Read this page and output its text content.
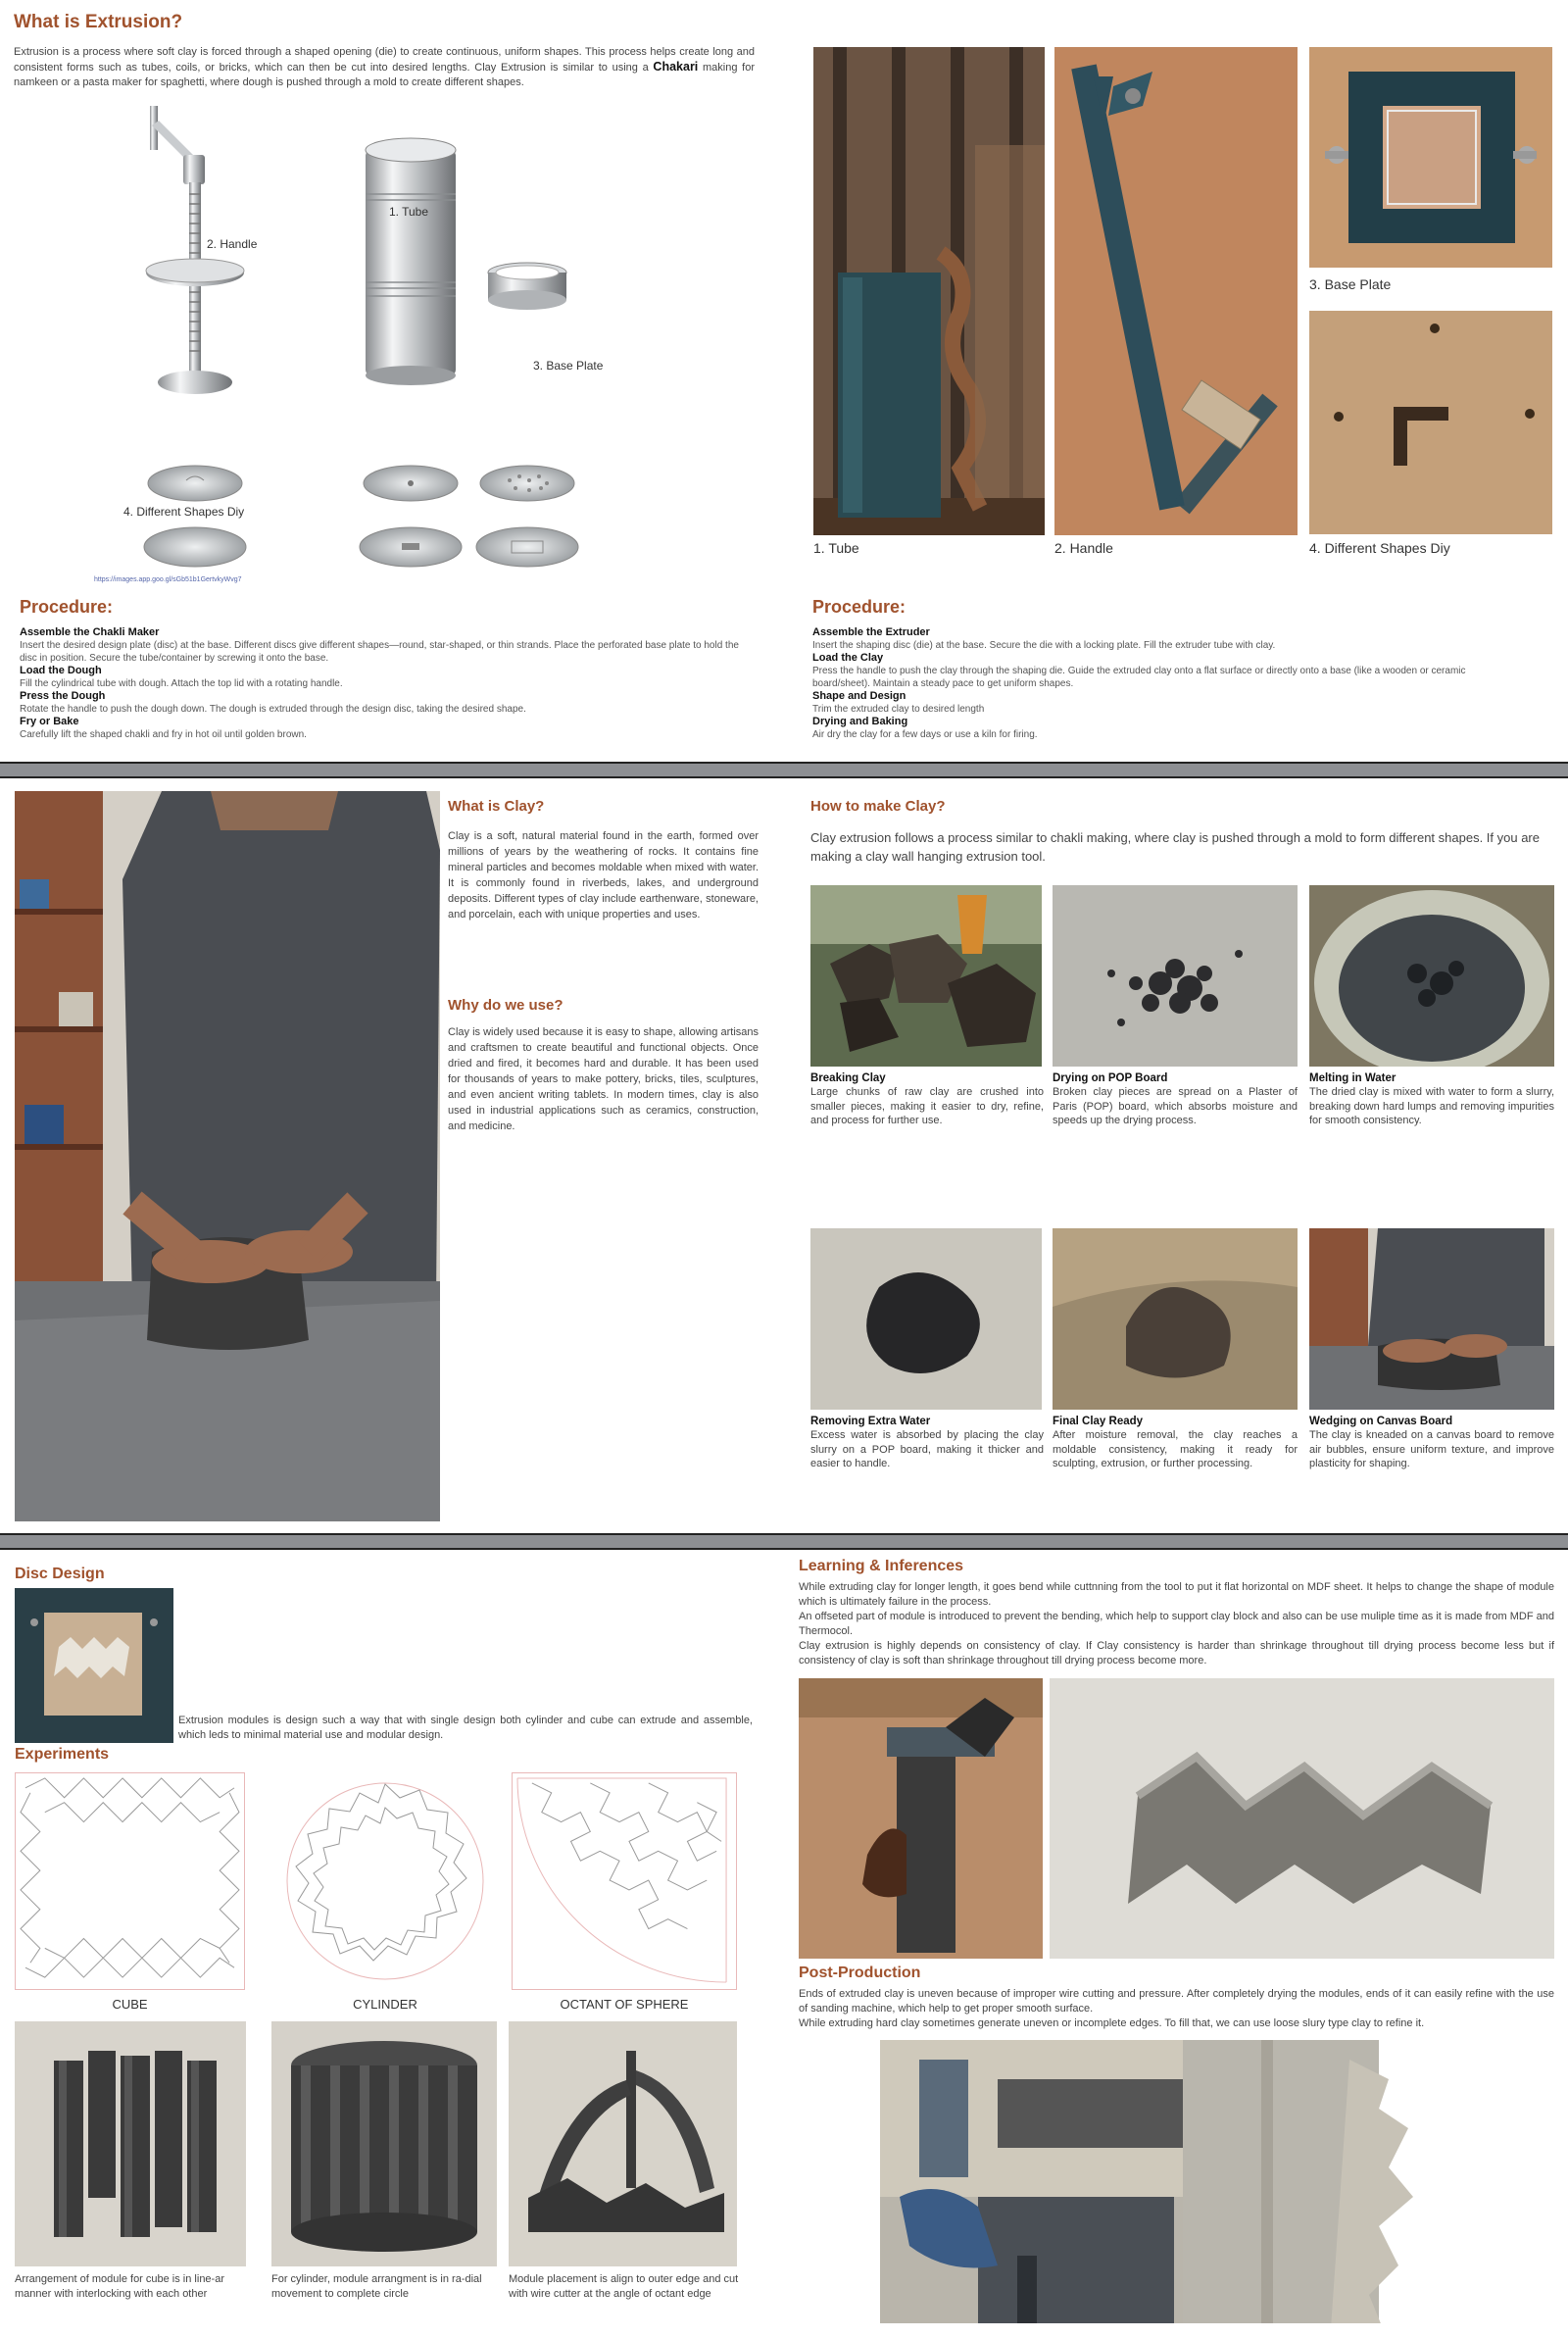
What is Extrusion?
Extrusion is a process where soft clay is forced through a shaped opening (die) to create continuous, uniform shapes. This process helps create long and consistent forms such as tubes, coils, or bricks, which can then be cut into desired lengths. Clay Extrusion is similar to using a Chakari making for namkeen or a pasta maker for spaghetti, where dough is pushed through a mold to create different shapes.
2. Handle
1. Tube
3. Base Plate
4. Different Shapes Diy
https://images.app.goo.gl/sGb51b1GertvkyWvg7
3. Base Plate
1. Tube	2. Handle	4. Different Shapes Diy
Procedure:
Assemble the Chakli Maker
Insert the desired design plate (disc) at the base. Different discs give different shapes—round, star-shaped, or thin strands. Place the perforated base plate to hold the disc in position. Secure the tube/container by screwing it onto the base.
Load the Dough
Fill the cylindrical tube with dough. Attach the top lid with a rotating handle.
Press the Dough
Rotate the handle to push the dough down. The dough is extruded through the design disc, taking the desired shape.
Fry or Bake
Carefully lift the shaped chakli and fry in hot oil until golden brown.
Procedure:
Assemble the Extruder
Insert the shaping disc (die) at the base. Secure the die with a locking plate. Fill the extruder tube with clay.
Load the Clay
Press the handle to push the clay through the shaping die. Guide the extruded clay onto a flat surface or directly onto a base (like a wooden or ceramic board/sheet). Maintain a steady pace to get uniform shapes.
Shape and Design
Trim the extruded clay to desired length
Drying and Baking
Air dry the clay for a few days or use a kiln for firing.
What is Clay?
Clay is a soft, natural material found in the earth, formed over millions of years by the weathering of rocks. It contains fine mineral particles and becomes moldable when mixed with water. It is commonly found in riverbeds, lakes, and underground deposits. Different types of clay include earthenware, stoneware, and porcelain, each with unique properties and uses.
Why do we use?
Clay is widely used because it is easy to shape, allowing artisans and craftsmen to create beautiful and functional objects. Once dried and fired, it becomes hard and durable. It has been used for thousands of years to make pottery, bricks, tiles, sculptures, and even ancient writing tablets. In modern times, clay is also used in industrial applications such as ceramics, construction, and medicine.
How to make Clay?
Clay extrusion follows a process similar to chakli making, where clay is pushed through a mold to form different shapes. If you are making a clay wall hanging extrusion tool.
Breaking Clay
Large chunks of raw clay are crushed into smaller pieces, making it easier to dry, refine, and process for further use.
Drying on POP Board
Broken clay pieces are spread on a Plaster of Paris (POP) board, which absorbs moisture and speeds up the drying process.
Melting in Water
The dried clay is mixed with water to form a slurry, breaking down hard lumps and removing impurities for smooth consistency.
Removing Extra Water
Excess water is absorbed by placing the clay slurry on a POP board, making it thicker and easier to handle.
Final Clay Ready
After moisture removal, the clay reaches a moldable consistency, making it ready for sculpting, extrusion, or further processing.
Wedging on Canvas Board
The clay is kneaded on a canvas board to remove air bubbles, ensure uniform texture, and improve plasticity for shaping.
Disc Design
Extrusion modules is design such a way that with single design both cylinder and cube can extrude and assemble, which leds to minimal material use and modular design.
Experiments
CUBE	CYLINDER	OCTANT OF SPHERE
Arrangement of module for cube is in line-ar manner with interlocking with each other
For cylinder, module arrangment is in ra-dial movement to complete circle
Module placement is align to outer edge and cut with wire cutter at the angle of octant edge
Learning & Inferences
While extruding clay for longer length, it goes bend while cuttnning from the tool to put it flat horizontal on MDF sheet. It helps to change the shape of module which is ultimately failure in the process.
An offseted part of module is introduced to prevent the bending, which help to support clay block and also can be use muliple time as it is made from MDF and Thermocol.
Clay extrusion is highly depends on consistency of clay. If Clay consistency is harder than shrinkage throughout till drying process become less but if consistency of clay is soft than shrinkage throughout till drying process become more.
Post-Production
Ends of extruded clay is uneven because of improper wire cutting and pressure. After completely drying the modules, ends of it can easily refine with the use of sanding machine, which help to get proper smooth surface.
While extruding hard clay sometimes generate uneven or incomplete edges. To fill that, we can use loose slury type clay to refine it.
